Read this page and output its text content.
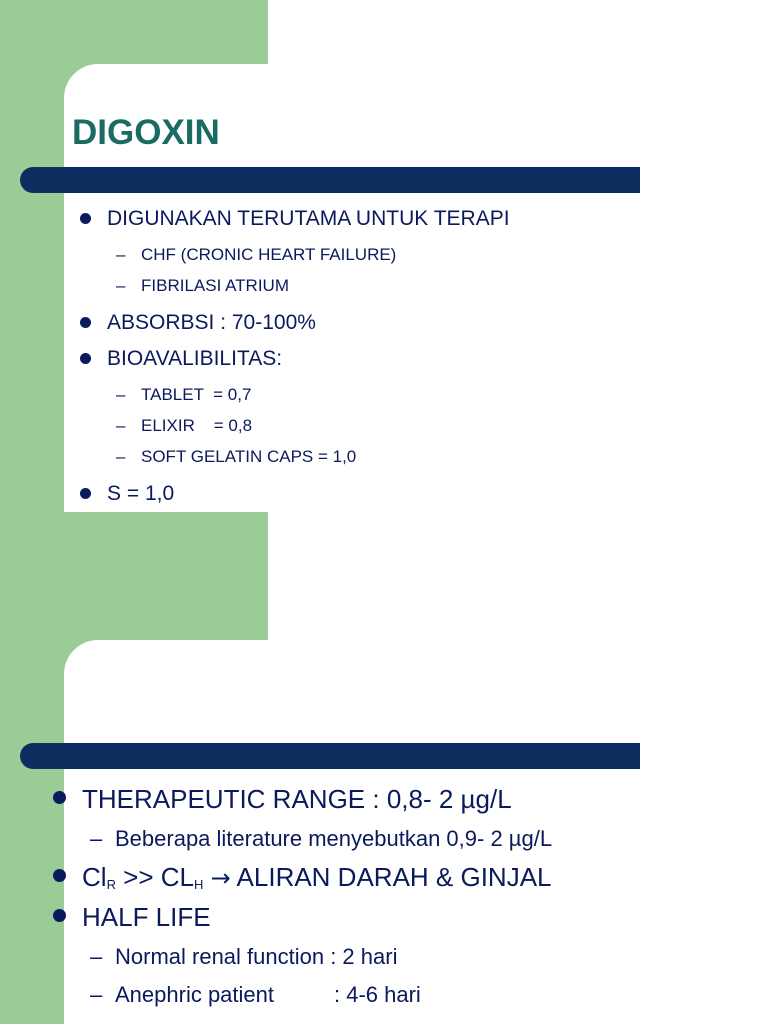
DIGOXIN
DIGUNAKAN TERUTAMA UNTUK TERAPI
– CHF (CRONIC HEART FAILURE)
– FIBRILASI ATRIUM
ABSORBSI : 70-100%
BIOAVALIBILITAS:
– TABLET  = 0,7
– ELIXIR    = 0,8
– SOFT GELATIN CAPS = 1,0
S = 1,0
THERAPEUTIC RANGE : 0,8- 2 µg/L
– Beberapa literature menyebutkan 0,9- 2 µg/L
$Cl_R >> CL_H$ → ALIRAN DARAH & GINJAL
HALF LIFE
– Normal renal function : 2 hari
– Anephric patient	: 4-6 hari
